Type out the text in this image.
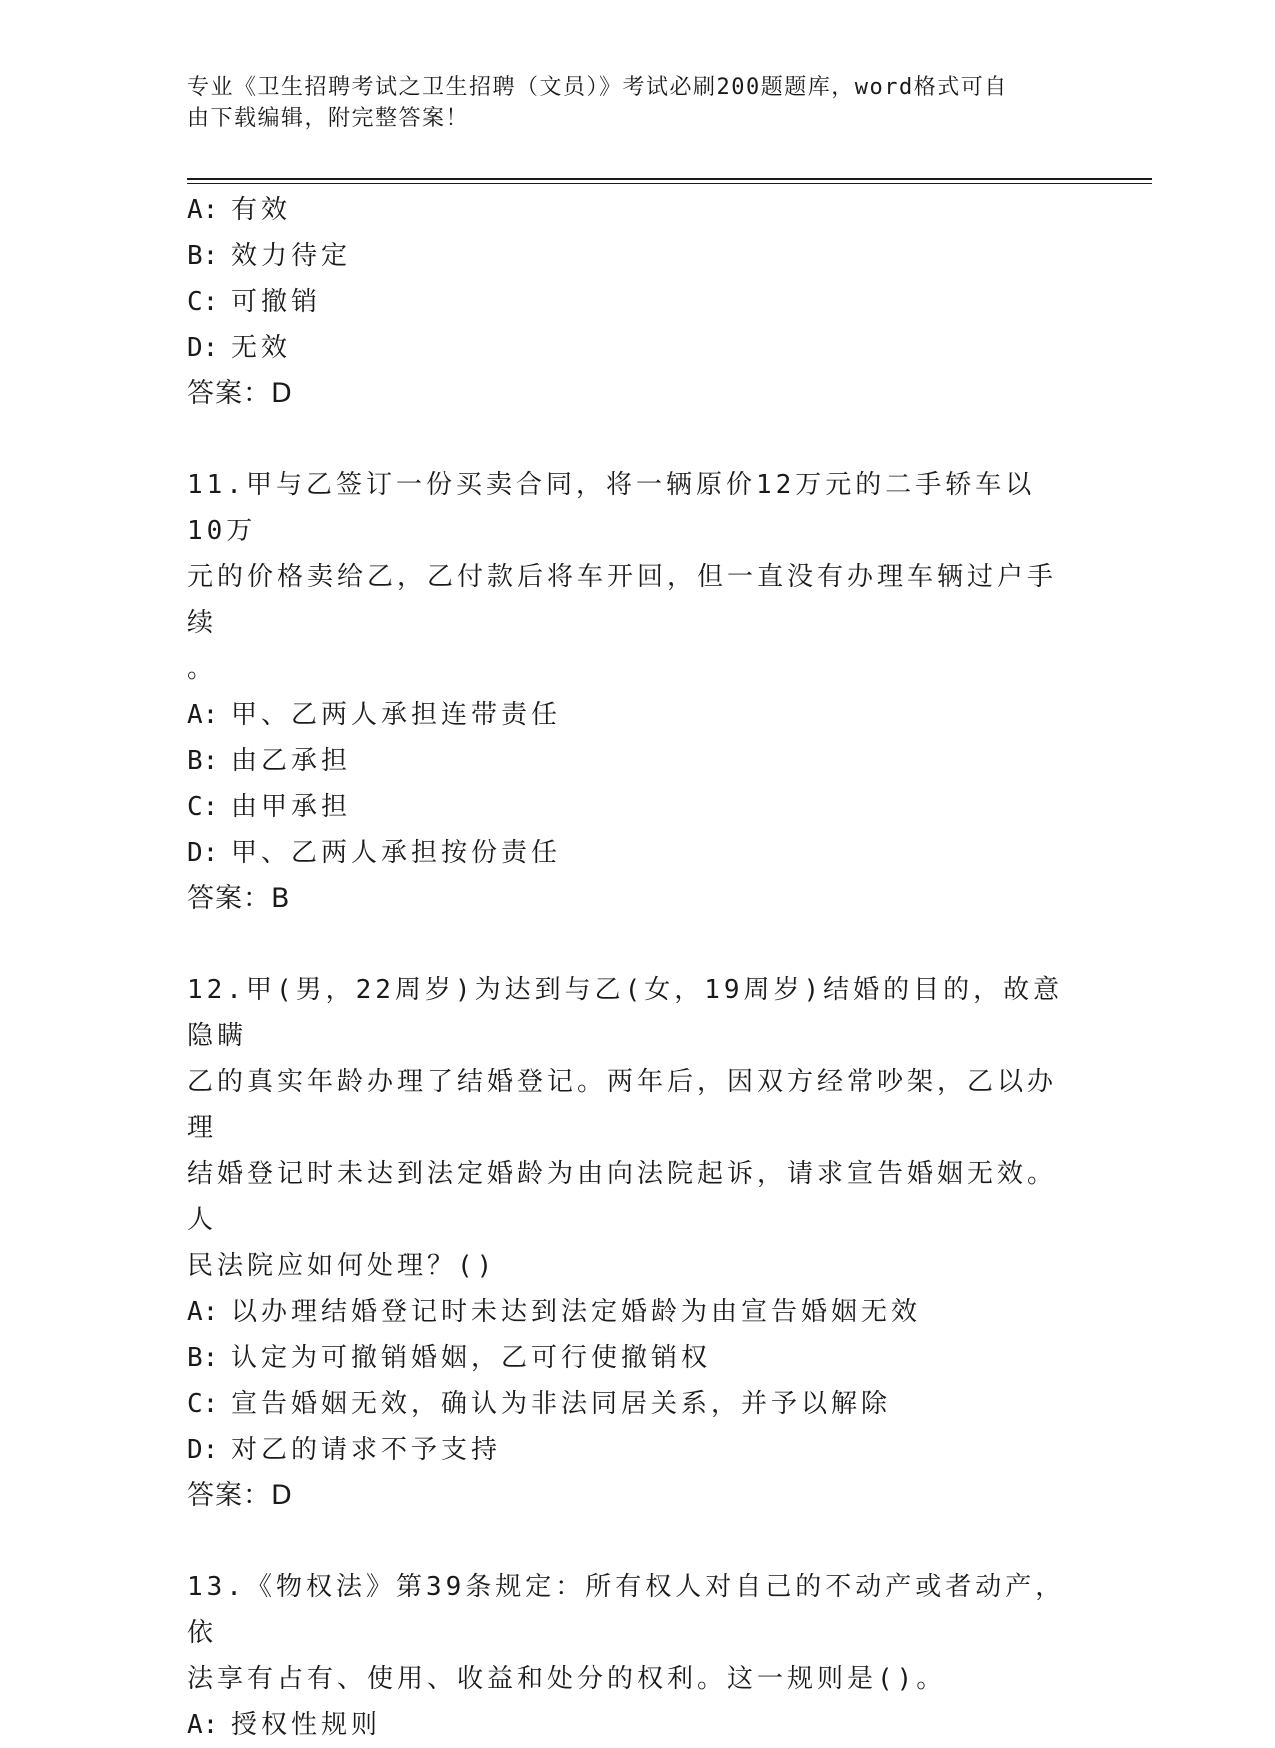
专业《卫生招聘考试之卫生招聘（文员）》考试必刷200题题库，word格式可自
由下载编辑，附完整答案！
A: 有效
B: 效力待定
C: 可撤销
D: 无效
答案：D
11.甲与乙签订一份买卖合同，将一辆原价12万元的二手轿车以10万
元的价格卖给乙，乙付款后将车开回，但一直没有办理车辆过户手续
。
A: 甲、乙两人承担连带责任
B: 由乙承担
C: 由甲承担
D: 甲、乙两人承担按份责任
答案：B
12.甲(男，22周岁)为达到与乙(女，19周岁)结婚的目的，故意隐瞒
乙的真实年龄办理了结婚登记。两年后，因双方经常吵架，乙以办理
结婚登记时未达到法定婚龄为由向法院起诉，请求宣告婚姻无效。人
民法院应如何处理？()
A: 以办理结婚登记时未达到法定婚龄为由宣告婚姻无效
B: 认定为可撤销婚姻，乙可行使撤销权
C: 宣告婚姻无效，确认为非法同居关系，并予以解除
D: 对乙的请求不予支持
答案：D
13.《物权法》第39条规定：所有权人对自己的不动产或者动产，依
法享有占有、使用、收益和处分的权利。这一规则是()。
A: 授权性规则
